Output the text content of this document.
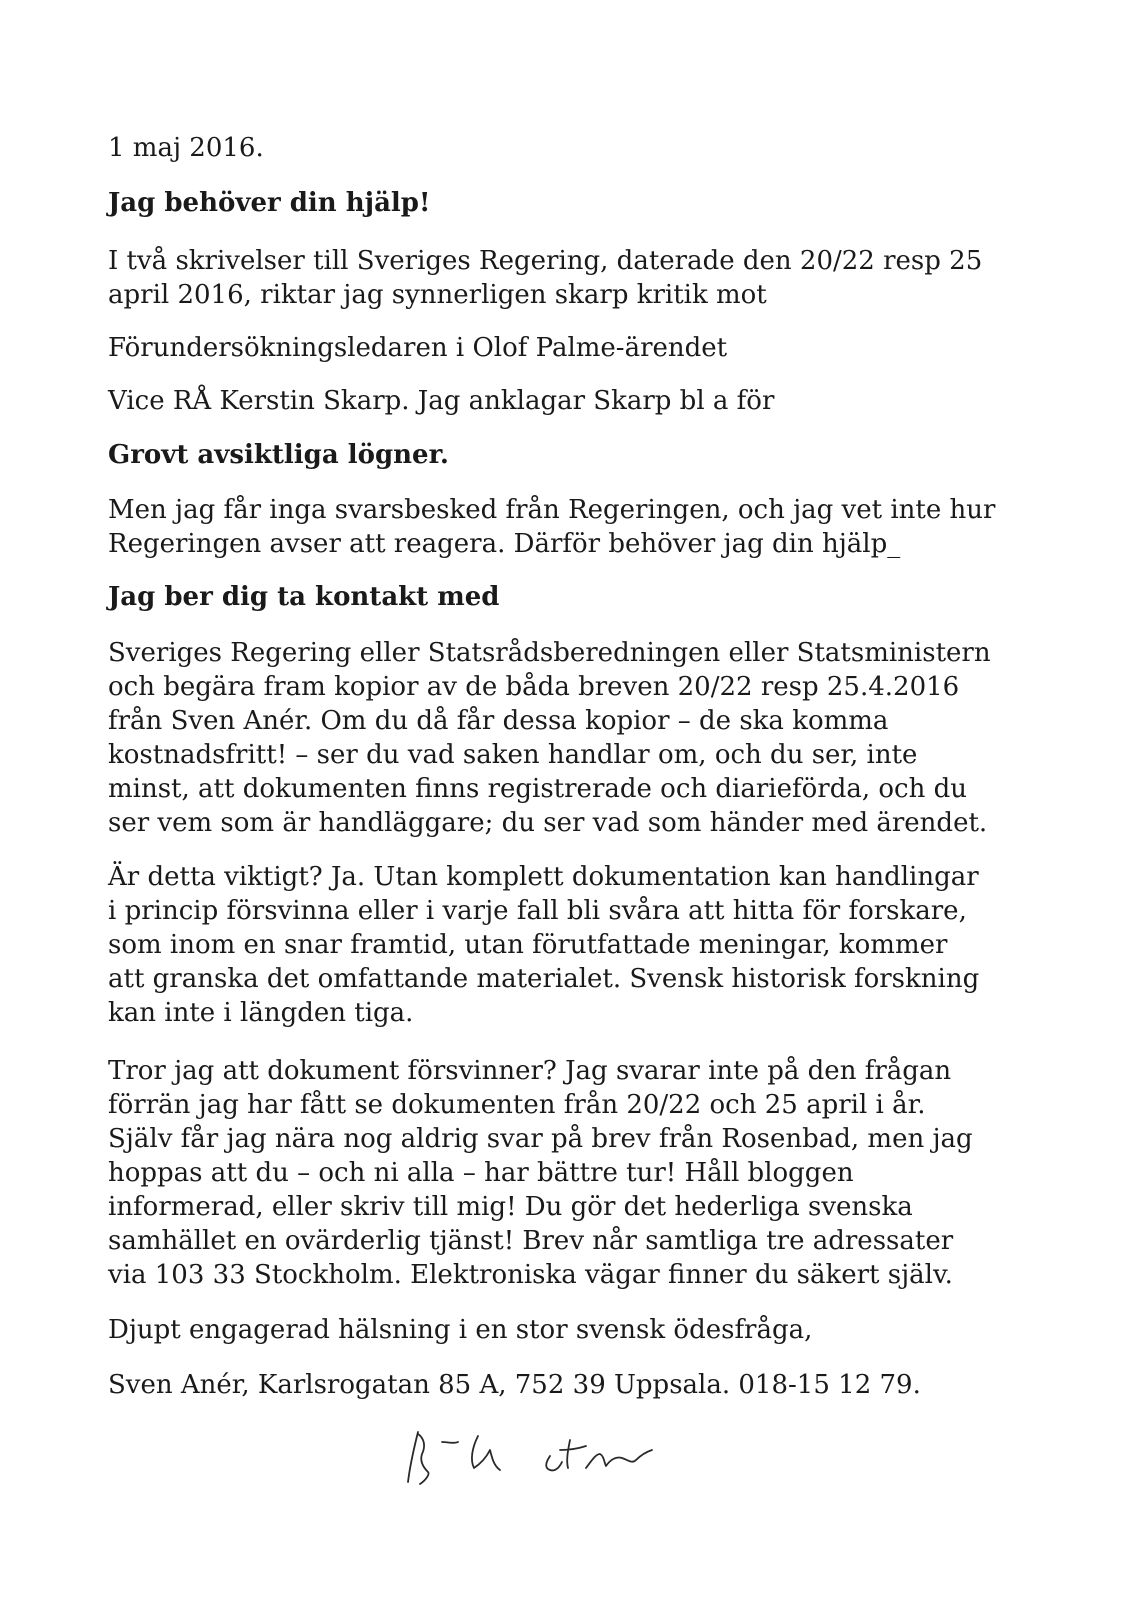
1 maj 2016.

Jag behöver din hjälp!

I två skrivelser till Sveriges Regering, daterade den 20/22 resp 25

april 2016, riktar jag synnerligen skarp kritik mot

Förundersökningsledaren i Olof Palme-ärendet

Vice RÅ Kerstin Skarp. Jag anklagar Skarp bl a för

Grovt avsiktliga lögner.

Men jag får inga svarsbesked från Regeringen, och jag vet inte hur

Regeringen avser att reagera. Därför behöver jag din hjälp_

Jag ber dig ta kontakt med

Sveriges Regering eller Statsrådsberedningen eller Statsministern

och begära fram kopior av de båda breven 20/22 resp 25.4.2016

från Sven Anér. Om du då får dessa kopior – de ska komma

kostnadsfritt! – ser du vad saken handlar om, och du ser, inte

minst, att dokumenten finns registrerade och diarieförda, och du

ser vem som är handläggare; du ser vad som händer med ärendet.

Är detta viktigt? Ja. Utan komplett dokumentation kan handlingar

i princip försvinna eller i varje fall bli svåra att hitta för forskare,

som inom en snar framtid, utan förutfattade meningar, kommer

att granska det omfattande materialet. Svensk historisk forskning

kan inte i längden tiga.

Tror jag att dokument försvinner? Jag svarar inte på den frågan

förrän jag har fått se dokumenten från 20/22 och 25 april i år.

Själv får jag nära nog aldrig svar på brev från Rosenbad, men jag

hoppas att du – och ni alla – har bättre tur! Håll bloggen

informerad, eller skriv till mig! Du gör det hederliga svenska

samhället en ovärderlig tjänst! Brev når samtliga tre adressater

via 103 33 Stockholm. Elektroniska vägar finner du säkert själv.

Djupt engagerad hälsning i en stor svensk ödesfråga,

Sven Anér, Karlsrogatan 85 A, 752 39 Uppsala. 018-15 12 79.
